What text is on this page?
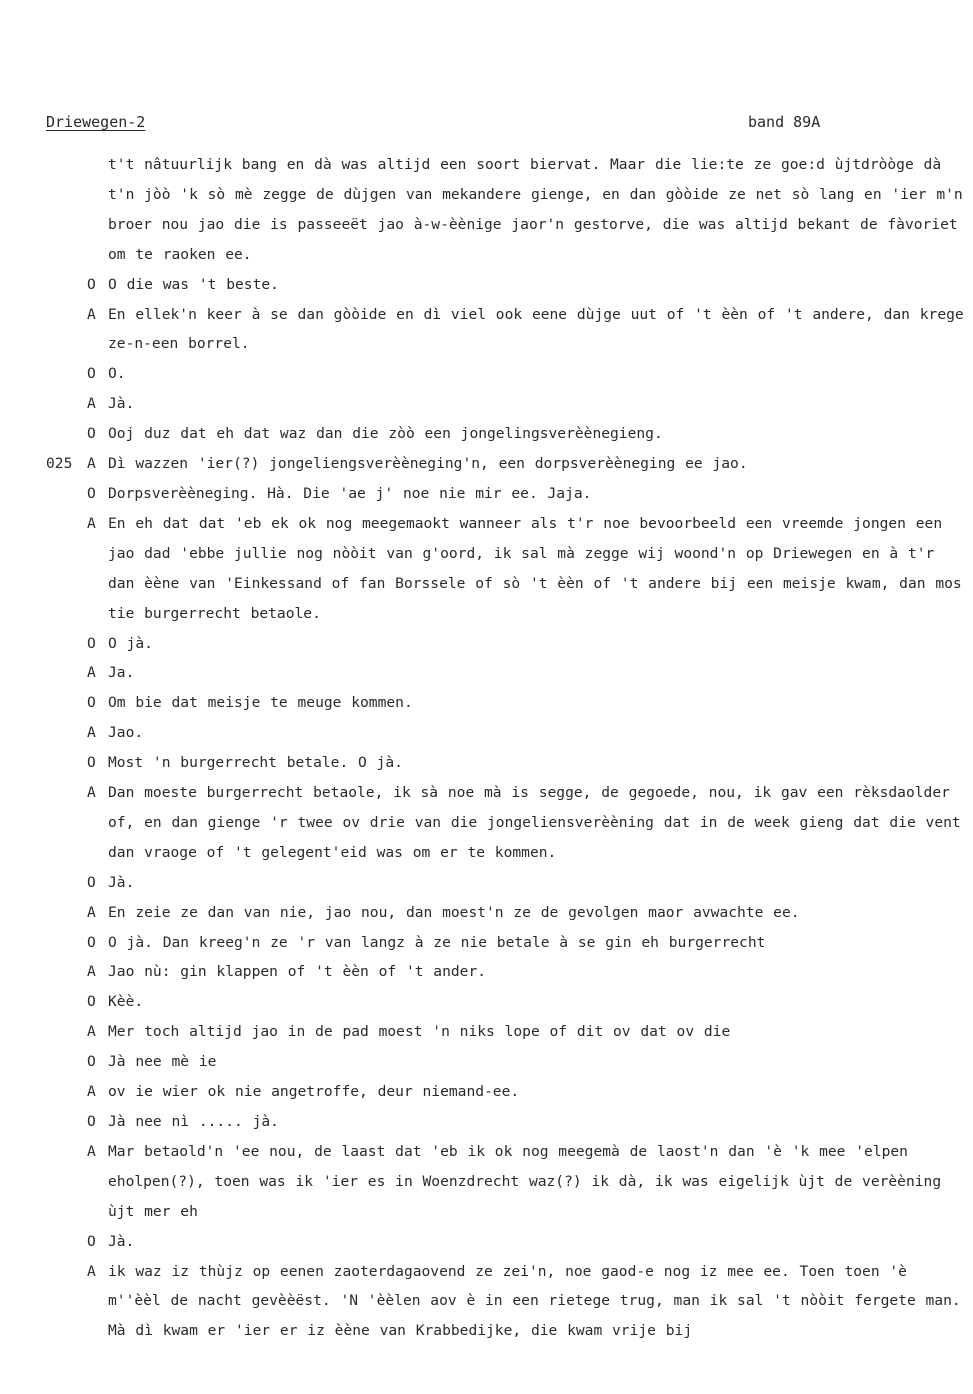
Driewegen-2	band 89A
t't nâtuurlijk bang en dà was altijd een soort biervat. Maar die lie:te ze goe:d ùjtdròòge dà t'n jòò 'k sò mè zegge de dùjgen van mekandere gienge, en dan gòòide ze net sò lang en 'ier m'n broer nou jao die is passeeët jao à-w-èènige jaor'n gestorve, die was altijd bekant de fàvoriet om te raoken ee.
O O die was 't beste.
A En ellek'n keer à se dan gòòide en dì viel ook eene dùjge uut of 't èèn of 't andere, dan krege ze-n-een borrel.
O O.
A Jà.
O Ooj duz dat eh dat waz dan die zòò een jongelingsverèènegieng.
025	A Dì wazzen 'ier(?) jongeliengsverèèneging'n, een dorpsverèèneging ee jao.
O Dorpsverèèneging. Hà. Die 'ae j' noe nie mir ee. Jaja.
A En eh dat dat 'eb ek ok nog meegemaokt wanneer als t'r noe bevoorbeeld een vreemde jongen een jao dad 'ebbe jullie nog nòòit van g'oord, ik sal mà zegge wij woond'n op Driewegen en à t'r dan èène van 'Einkessand of fan Borssele of sò 't èèn of 't andere bij een meisje kwam, dan mos tie burgerrecht betaole.
O O jà.
A Ja.
O Om bie dat meisje te meuge kommen.
A Jao.
O Most 'n burgerrecht betale. O jà.
A Dan moeste burgerrecht betaole, ik sà noe mà is segge, de gegoede, nou, ik gav een rèksdaolder of, en dan gienge 'r twee ov drie van die jongeliensverèèning dat in de week gieng dat die vent dan vraoge of 't gelegent'eid was om er te kommen.
O Jà.
A En zeie ze dan van nie, jao nou, dan moest'n ze de gevolgen maor avwachte ee.
O O jà. Dan kreeg'n ze 'r van langz à ze nie betale à se gin eh burgerrecht
A Jao nù: gin klappen of 't èèn of 't ander.
O Kèè.
A Mer toch altijd jao in de pad moest 'n niks lope of dit ov dat ov die
O Jà nee mè ie
A ov ie wier ok nie angetroffe, deur niemand-ee.
O Jà nee nì ..... jà.
A Mar betaold'n 'ee nou, de laast dat 'eb ik ok nog meegemà de laost'n dan 'è 'k mee 'elpen eholpen(?), toen was ik 'ier es in Woenzdrecht waz(?) ik dà, ik was eigelijk ùjt de verèèning ùjt mer eh
O Jà.
A ik waz iz thùjz op eenen zaoterdagaovend ze zei'n, noe gaod-e nog iz mee ee. Toen toen 'è m''èèl de nacht gevèèëst. 'N 'èèlen aov è in een rietege trug, man ik sal 't nòòit fergete man. Mà dì kwam er 'ier er iz èène van Krabbedijke, die kwam vrije bij
